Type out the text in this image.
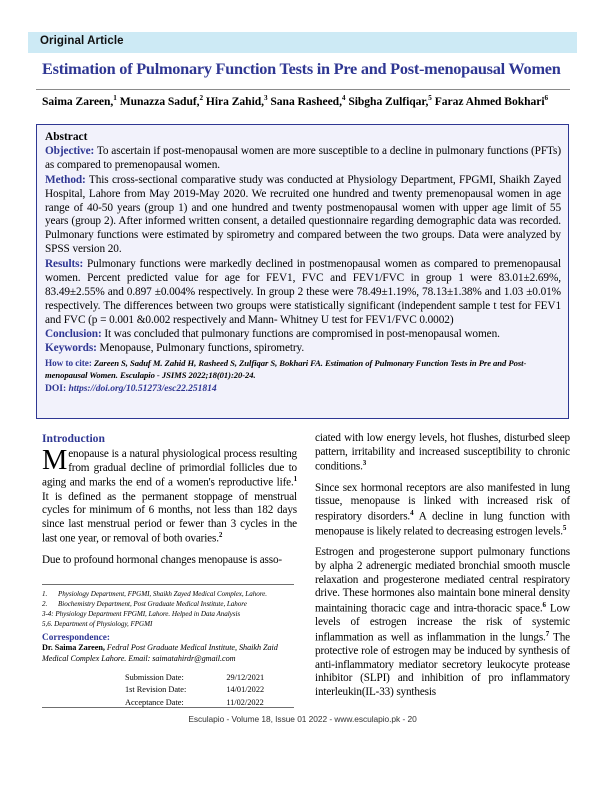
Original Article
Estimation of Pulmonary Function Tests in Pre and Post-menopausal Women
Saima Zareen,$^1$ Munazza Saduf,$^2$ Hira Zahid,$^3$ Sana Rasheed,$^4$ Sibgha Zulfiqar,$^5$ Faraz Ahmed Bokhari$^6$
Abstract

Objective: To ascertain if post-menopausal women are more susceptible to a decline in pulmonary functions (PFTs) as compared to premenopausal women.

Method: This cross-sectional comparative study was conducted at Physiology Department, FPGMI, Shaikh Zayed Hospital, Lahore from May 2019-May 2020. We recruited one hundred and twenty premenopausal women in age range of 40-50 years (group 1) and one hundred and twenty postmenopausal women with upper age limit of 55 years (group 2). After informed written consent, a detailed questionnaire regarding demographic data was recorded. Pulmonary functions were estimated by spirometry and compared between the two groups. Data were analyzed by SPSS version 20.

Results: Pulmonary functions were markedly declined in postmenopausal women as compared to premenopausal women. Percent predicted value for age for FEV1, FVC and FEV1/FVC in group 1 were 83.01±2.69%, 83.49±2.55% and 0.897 ±0.004% respectively. In group 2 these were 78.49±1.19%, 78.13±1.38% and 1.03 ±0.01% respectively. The differences between two groups were statistically significant (independent sample t test for FEV1 and FVC (p = 0.001 &0.002 respectively and Mann- Whitney U test for FEV1/FVC 0.0002)

Conclusion: It was concluded that pulmonary functions are compromised in post-menopausal women.

Keywords: Menopause, Pulmonary functions, spirometry.

How to cite: Zareen S, Saduf M. Zahid H, Rasheed S, Zulfiqar S, Bokhari FA. Estimation of Pulmonary Function Tests in Pre and Post-menopausal Women. Esculapio - JSIMS 2022;18(01):20-24.

DOI: https://doi.org/10.51273/esc22.251814

Introduction

Menopause is a natural physiological process resulting from gradual decline of primordial follicles due to aging and marks the end of a women's reproductive life.$^1$ It is defined as the permanent stoppage of menstrual cycles for minimum of 6 months, not less than 182 days since last menstrual period or fewer than 3 cycles in the last one year, or removal of both ovaries.$^2$

Due to profound hormonal changes menopause is asso-

1.	Physiology Department, FPGMI, Shaikh Zayed Medical Complex, Lahore.
2.	Biochemistry Department, Post Graduate Medical Institute, Lahore
3-4: Physiology Department FPGMI, Lahore. Helped in Data Analysis
5,6. Department of Physiology, FPGMI
Correspondence:
Dr. Saima Zareen, Fedral Post Graduate Medical Institute, Shaikh Zaid Medical Complex Lahore. Email: saimatahirdr@gmail.com
Submission Date:	29/12/2021
1st Revision Date:	14/01/2022
Acceptance Date:	11/02/2022

ciated with low energy levels, hot flushes, disturbed sleep pattern, irritability and increased susceptibility to chronic conditions.$^3$

Since sex hormonal receptors are also manifested in lung tissue, menopause is linked with increased risk of respiratory disorders.$^4$ A decline in lung function with menopause is likely related to decreasing estrogen levels.$^5$

Estrogen and progesterone support pulmonary functions by alpha 2 adrenergic mediated bronchial smooth muscle relaxation and progesterone mediated central respiratory drive. These hormones also maintain bone mineral density maintaining thoracic cage and intra-thoracic space.$^6$ Low levels of estrogen increase the risk of systemic inflammation as well as inflammation in the lungs.$^7$ The protective role of estrogen may be induced by synthesis of anti-inflammatory mediator secretory leukocyte protease inhibitor (SLPI) and inhibition of pro inflammatory interleukin(IL-33) synthesis

Esculapio - Volume 18, Issue 01 2022 - www.esculapio.pk - 20
